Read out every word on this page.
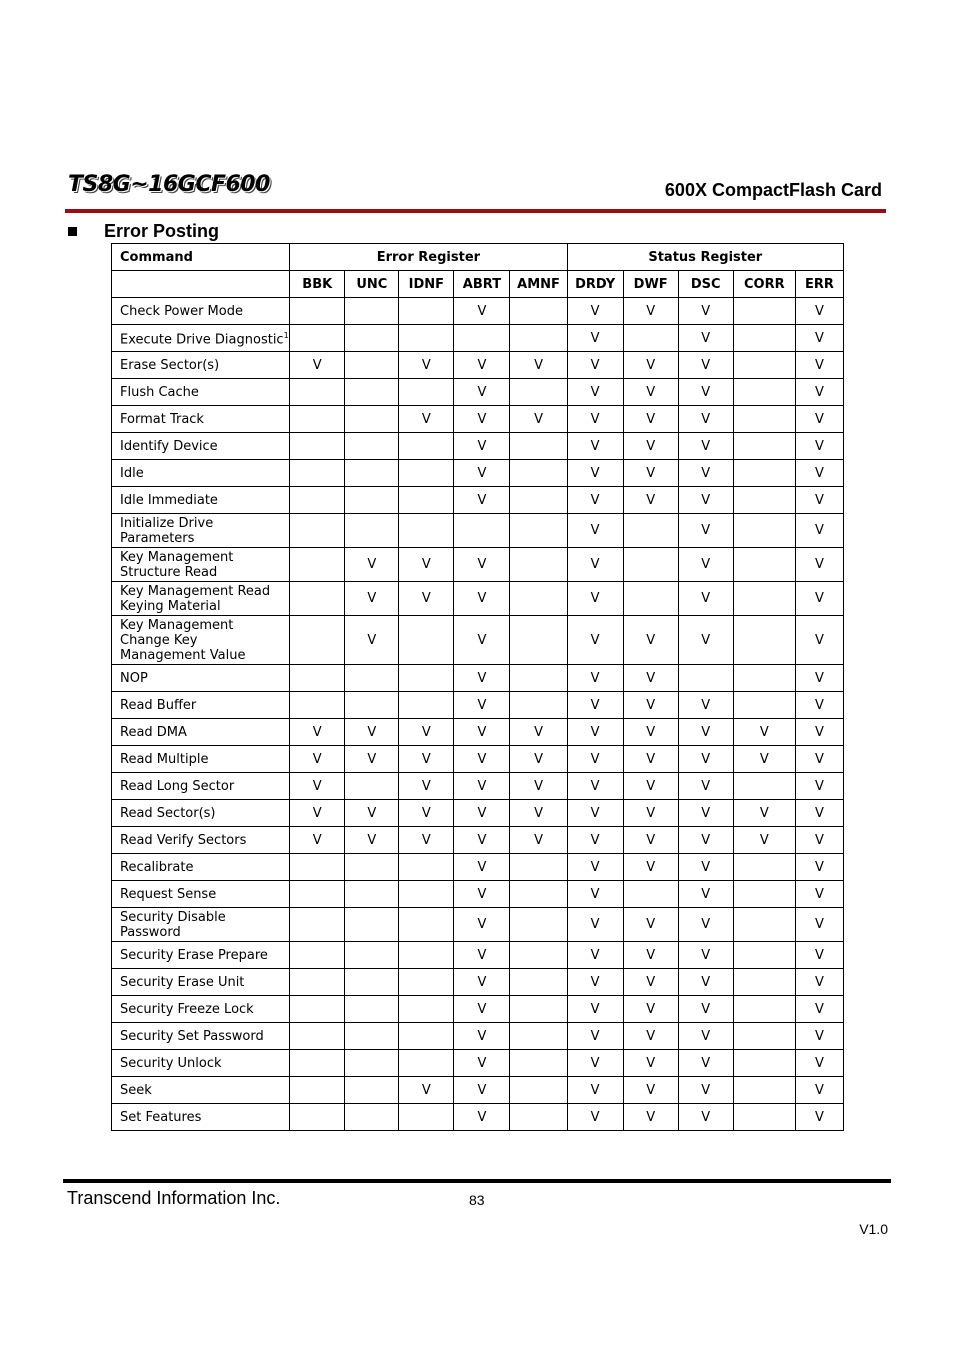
TS8G~16GCF600	600X CompactFlash Card
Error Posting
Command	Error Register					Status Register				
	BBK	UNC	IDNF	ABRT	AMNF	DRDY	DWF	DSC	CORR	ERR
Check Power Mode				V		V	V	V		V
Execute Drive Diagnostic$^1$						V		V		V
Erase Sector(s)	V		V	V	V	V	V	V		V
Flush Cache				V		V	V	V		V
Format Track			V	V	V	V	V	V		V
Identify Device				V		V	V	V		V
Idle				V		V	V	V		V
Idle Immediate				V		V	V	V		V
Initialize Drive
Parameters						V		V		V
Key Management
Structure Read		V	V	V		V		V		V
Key Management Read
Keying Material		V	V	V		V		V		V
Key Management
Change Key
Management Value		V		V		V	V	V		V
NOP				V		V	V			V
Read Buffer				V		V	V	V		V
Read DMA	V	V	V	V	V	V	V	V	V	V
Read Multiple	V	V	V	V	V	V	V	V	V	V
Read Long Sector	V		V	V	V	V	V	V		V
Read Sector(s)	V	V	V	V	V	V	V	V	V	V
Read Verify Sectors	V	V	V	V	V	V	V	V	V	V
Recalibrate				V		V	V	V		V
Request Sense				V		V		V		V
Security Disable
Password				V		V	V	V		V
Security Erase Prepare				V		V	V	V		V
Security Erase Unit				V		V	V	V		V
Security Freeze Lock				V		V	V	V		V
Security Set Password				V		V	V	V		V
Security Unlock				V		V	V	V		V
Seek			V	V		V	V	V		V
Set Features				V		V	V	V		V
Transcend Information Inc.	83
V1.0
